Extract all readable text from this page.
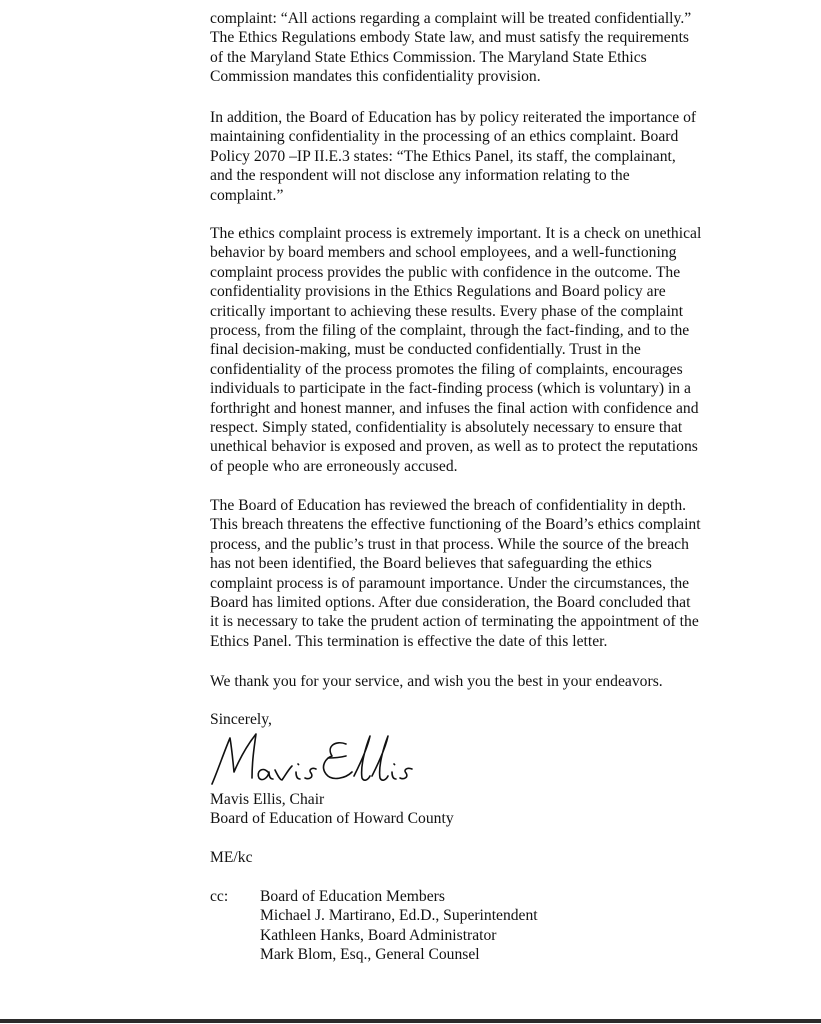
complaint: “All actions regarding a complaint will be treated confidentially.”
The Ethics Regulations embody State law, and must satisfy the requirements
of the Maryland State Ethics Commission. The Maryland State Ethics
Commission mandates this confidentiality provision.

In addition, the Board of Education has by policy reiterated the importance of
maintaining confidentiality in the processing of an ethics complaint. Board
Policy 2070 –IP II.E.3 states: “The Ethics Panel, its staff, the complainant,
and the respondent will not disclose any information relating to the
complaint.”

The ethics complaint process is extremely important. It is a check on unethical
behavior by board members and school employees, and a well-functioning
complaint process provides the public with confidence in the outcome. The
confidentiality provisions in the Ethics Regulations and Board policy are
critically important to achieving these results. Every phase of the complaint
process, from the filing of the complaint, through the fact-finding, and to the
final decision-making, must be conducted confidentially. Trust in the
confidentiality of the process promotes the filing of complaints, encourages
individuals to participate in the fact-finding process (which is voluntary) in a
forthright and honest manner, and infuses the final action with confidence and
respect. Simply stated, confidentiality is absolutely necessary to ensure that
unethical behavior is exposed and proven, as well as to protect the reputations
of people who are erroneously accused.

The Board of Education has reviewed the breach of confidentiality in depth.
This breach threatens the effective functioning of the Board’s ethics complaint
process, and the public’s trust in that process. While the source of the breach
has not been identified, the Board believes that safeguarding the ethics
complaint process is of paramount importance. Under the circumstances, the
Board has limited options. After due consideration, the Board concluded that
it is necessary to take the prudent action of terminating the appointment of the
Ethics Panel. This termination is effective the date of this letter.

We thank you for your service, and wish you the best in your endeavors.

Sincerely,

Mavis Ellis, Chair
Board of Education of Howard County
ME/kc
cc: Board of Education Members
Michael J. Martirano, Ed.D., Superintendent
Kathleen Hanks, Board Administrator
Mark Blom, Esq., General Counsel
